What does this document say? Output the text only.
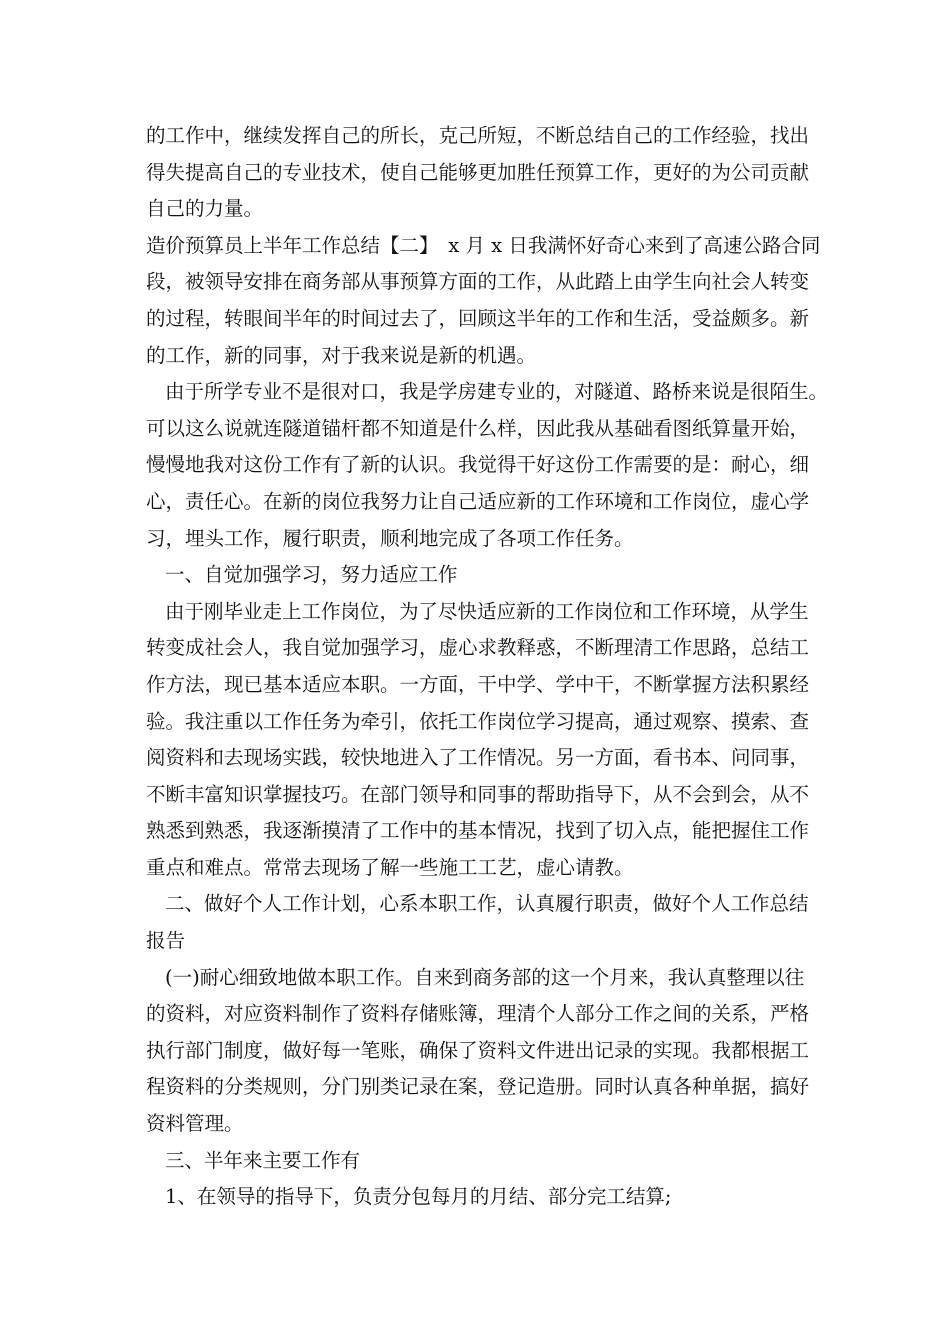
的工作中，继续发挥自己的所长，克己所短，不断总结自己的工作经验，找出
得失提高自己的专业技术，使自己能够更加胜任预算工作，更好的为公司贡献
自己的力量。
造价预算员上半年工作总结【二】　x 月 x 日我满怀好奇心来到了高速公路合同
段，被领导安排在商务部从事预算方面的工作，从此踏上由学生向社会人转变
的过程，转眼间半年的时间过去了，回顾这半年的工作和生活，受益颇多。新
的工作，新的同事，对于我来说是新的机遇。
由于所学专业不是很对口，我是学房建专业的，对隧道、路桥来说是很陌生。
可以这么说就连隧道锚杆都不知道是什么样，因此我从基础看图纸算量开始，
慢慢地我对这份工作有了新的认识。我觉得干好这份工作需要的是：耐心，细
心，责任心。在新的岗位我努力让自己适应新的工作环境和工作岗位，虚心学
习，埋头工作，履行职责，顺利地完成了各项工作任务。
一、自觉加强学习，努力适应工作
由于刚毕业走上工作岗位，为了尽快适应新的工作岗位和工作环境，从学生
转变成社会人，我自觉加强学习，虚心求教释惑，不断理清工作思路，总结工
作方法，现已基本适应本职。一方面，干中学、学中干，不断掌握方法积累经
验。我注重以工作任务为牵引，依托工作岗位学习提高，通过观察、摸索、查
阅资料和去现场实践，较快地进入了工作情况。另一方面，看书本、问同事，
不断丰富知识掌握技巧。在部门领导和同事的帮助指导下，从不会到会，从不
熟悉到熟悉，我逐渐摸清了工作中的基本情况，找到了切入点，能把握住工作
重点和难点。常常去现场了解一些施工工艺，虚心请教。
二、做好个人工作计划，心系本职工作，认真履行职责，做好个人工作总结
报告
(一)耐心细致地做本职工作。自来到商务部的这一个月来，我认真整理以往
的资料，对应资料制作了资料存储账簿，理清个人部分工作之间的关系，严格
执行部门制度，做好每一笔账，确保了资料文件进出记录的实现。我都根据工
程资料的分类规则，分门别类记录在案，登记造册。同时认真各种单据，搞好
资料管理。
三、半年来主要工作有
1、在领导的指导下，负责分包每月的月结、部分完工结算;
